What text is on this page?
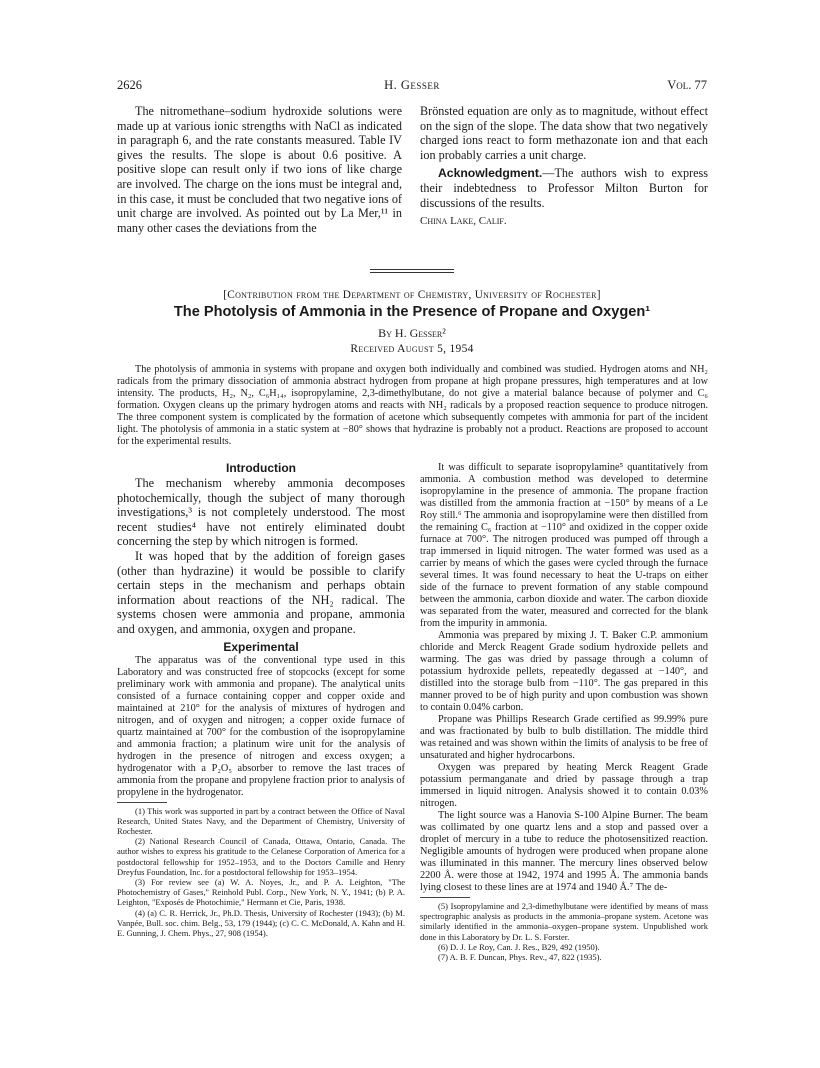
2626	H. Gesser	Vol. 77

The nitromethane–sodium hydroxide solutions were made up at various ionic strengths with NaCl as indicated in paragraph 6, and the rate constants measured. Table IV gives the results. The slope is about 0.6 positive. A positive slope can result only if two ions of like charge are involved. The charge on the ions must be integral and, in this case, it must be concluded that two negative ions of unit charge are involved. As pointed out by La Mer,¹¹ in many other cases the deviations from the

Brönsted equation are only as to magnitude, without effect on the sign of the slope. The data show that two negatively charged ions react to form methazonate ion and that each ion probably carries a unit charge.

Acknowledgment.—The authors wish to express their indebtedness to Professor Milton Burton for discussions of the results.

China Lake, Calif.

[Contribution from the Department of Chemistry, University of Rochester]
The Photolysis of Ammonia in the Presence of Propane and Oxygen¹
By H. Gesser²
Received August 5, 1954

The photolysis of ammonia in systems with propane and oxygen both individually and combined was studied. Hydrogen atoms and NH₂ radicals from the primary dissociation of ammonia abstract hydrogen from propane at high propane pressures, high temperatures and at low intensity. The products, H₂, N₂, C₆H₁₄, isopropylamine, 2,3-dimethylbutane, do not give a material balance because of polymer and C₆ formation. Oxygen cleans up the primary hydrogen atoms and reacts with NH₂ radicals by a proposed reaction sequence to produce nitrogen. The three component system is complicated by the formation of acetone which subsequently competes with ammonia for part of the incident light. The photolysis of ammonia in a static system at −80° shows that hydrazine is probably not a product. Reactions are proposed to account for the experimental results.

Introduction

The mechanism whereby ammonia decomposes photochemically, though the subject of many thorough investigations,³ is not completely understood. The most recent studies⁴ have not entirely eliminated doubt concerning the step by which nitrogen is formed.

It was hoped that by the addition of foreign gases (other than hydrazine) it would be possible to clarify certain steps in the mechanism and perhaps obtain information about reactions of the NH₂ radical. The systems chosen were ammonia and propane, ammonia and oxygen, and ammonia, oxygen and propane.

Experimental

The apparatus was of the conventional type used in this Laboratory and was constructed free of stopcocks (except for some preliminary work with ammonia and propane). The analytical units consisted of a furnace containing copper and copper oxide and maintained at 210° for the analysis of mixtures of hydrogen and nitrogen, and of oxygen and nitrogen; a copper oxide furnace of quartz maintained at 700° for the combustion of the isopropylamine and ammonia fraction; a platinum wire unit for the analysis of hydrogen in the presence of nitrogen and excess oxygen; a hydrogenator with a P₂O₅ absorber to remove the last traces of ammonia from the propane and propylene fraction prior to analysis of propylene in the hydrogenator.

(1) This work was supported in part by a contract between the Office of Naval Research, United States Navy, and the Department of Chemistry, University of Rochester.

(2) National Research Council of Canada, Ottawa, Ontario, Canada. The author wishes to express his gratitude to the Celanese Corporation of America for a postdoctoral fellowship for 1952–1953, and to the Doctors Camille and Henry Dreyfus Foundation, Inc. for a postdoctoral fellowship for 1953–1954.

(3) For review see (a) W. A. Noyes, Jr., and P. A. Leighton, "The Photochemistry of Gases," Reinhold Publ. Corp., New York, N. Y., 1941; (b) P. A. Leighton, "Exposés de Photochimie," Hermann et Cie, Paris, 1938.

(4) (a) C. R. Herrick, Jr., Ph.D. Thesis, University of Rochester (1943); (b) M. Vanpée, Bull. soc. chim. Belg., 53, 179 (1944); (c) C. C. McDonald, A. Kahn and H. E. Gunning, J. Chem. Phys., 27, 908 (1954).

It was difficult to separate isopropylamine⁵ quantitatively from ammonia. A combustion method was developed to determine isopropylamine in the presence of ammonia. The propane fraction was distilled from the ammonia fraction at −150° by means of a Le Roy still.⁶ The ammonia and isopropylamine were then distilled from the remaining C₆ fraction at −110° and oxidized in the copper oxide furnace at 700°. The nitrogen produced was pumped off through a trap immersed in liquid nitrogen. The water formed was used as a carrier by means of which the gases were cycled through the furnace several times. It was found necessary to heat the U-traps on either side of the furnace to prevent formation of any stable compound between the ammonia, carbon dioxide and water. The carbon dioxide was separated from the water, measured and corrected for the blank from the impurity in ammonia.

Ammonia was prepared by mixing J. T. Baker C.P. ammonium chloride and Merck Reagent Grade sodium hydroxide pellets and warming. The gas was dried by passage through a column of potassium hydroxide pellets, repeatedly degassed at −140°, and distilled into the storage bulb from −110°. The gas prepared in this manner proved to be of high purity and upon combustion was shown to contain 0.04% carbon.

Propane was Phillips Research Grade certified as 99.99% pure and was fractionated by bulb to bulb distillation. The middle third was retained and was shown within the limits of analysis to be free of unsaturated and higher hydrocarbons.

Oxygen was prepared by heating Merck Reagent Grade potassium permanganate and dried by passage through a trap immersed in liquid nitrogen. Analysis showed it to contain 0.03% nitrogen.

The light source was a Hanovia S-100 Alpine Burner. The beam was collimated by one quartz lens and a stop and passed over a droplet of mercury in a tube to reduce the photosensitized reaction. Negligible amounts of hydrogen were produced when propane alone was illuminated in this manner. The mercury lines observed below 2200 Å. were those at 1942, 1974 and 1995 Å. The ammonia bands lying closest to these lines are at 1974 and 1940 Å.⁷ The de-

(5) Isopropylamine and 2,3-dimethylbutane were identified by means of mass spectrographic analysis as products in the ammonia–propane system. Acetone was similarly identified in the ammonia–oxygen–propane system. Unpublished work done in this Laboratory by Dr. L. S. Forster.

(6) D. J. Le Roy, Can. J. Res., B29, 492 (1950).

(7) A. B. F. Duncan, Phys. Rev., 47, 822 (1935).
